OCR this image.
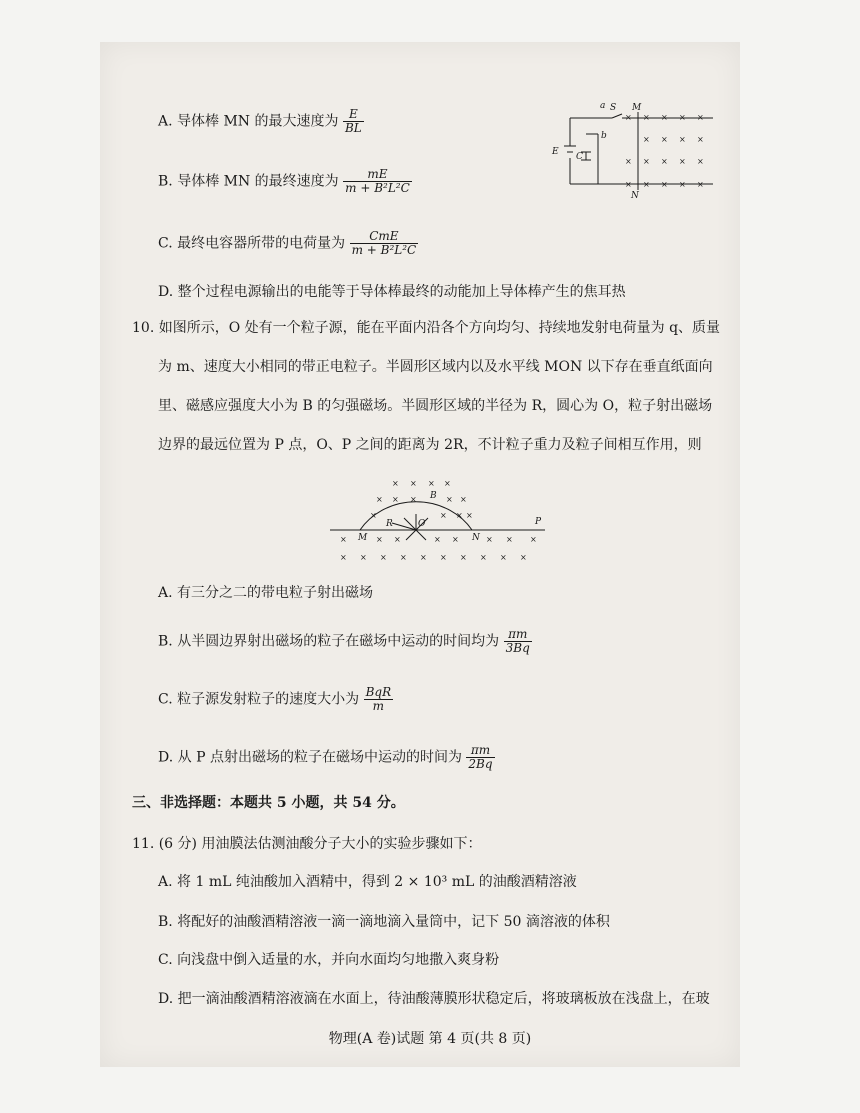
A. 导体棒 MN 的最大速度为 $\frac{E}{BL}$
B. 导体棒 MN 的最终速度为 $\frac{mE}{\text{m + B²L²C}}$
C. 最终电容器所带的电荷量为 $\frac{\text{CmE}}{\text{m + B²L²C}}$
D. 整个过程电源输出的电能等于导体棒最终的动能加上导体棒产生的焦耳热
a S M
b
E C
N
× × × × ×
× × × ×
× × × × ×
× × × × ×
10. 如图所示，O 处有一个粒子源，能在平面内沿各个方向均匀、持续地发射电荷量为 q、质量
为 m、速度大小相同的带正电粒子。半圆形区域内以及水平线 MON 以下存在垂直纸面向
里、磁感应强度大小为 B 的匀强磁场。半圆形区域的半径为 R，圆心为 O，粒子射出磁场
边界的最远位置为 P 点，O、P 之间的距离为 2R，不计粒子重力及粒子间相互作用，则
B
R	O
M	N
P
× × × ×
× × ×	× ×
×	× × ×
×	× ×	× ×	× × ×
× × × × × × × × × ×
A. 有三分之二的带电粒子射出磁场
B. 从半圆边界射出磁场的粒子在磁场中运动的时间均为 $\frac{\pi m}{3Bq}$
C. 粒子源发射粒子的速度大小为 $\frac{\text{BqR}}{m}$
D. 从 P 点射出磁场的粒子在磁场中运动的时间为 $\frac{\pi m}{2Bq}$
三、非选择题：本题共 5 小题，共 54 分。
11. (6 分) 用油膜法估测油酸分子大小的实验步骤如下：
A. 将 1 mL 纯油酸加入酒精中，得到 2 × 10³ mL 的油酸酒精溶液
B. 将配好的油酸酒精溶液一滴一滴地滴入量筒中，记下 50 滴溶液的体积
C. 向浅盘中倒入适量的水，并向水面均匀地撒入爽身粉
D. 把一滴油酸酒精溶液滴在水面上，待油酸薄膜形状稳定后，将玻璃板放在浅盘上，在玻
物理(A 卷)试题 第 4 页(共 8 页)
